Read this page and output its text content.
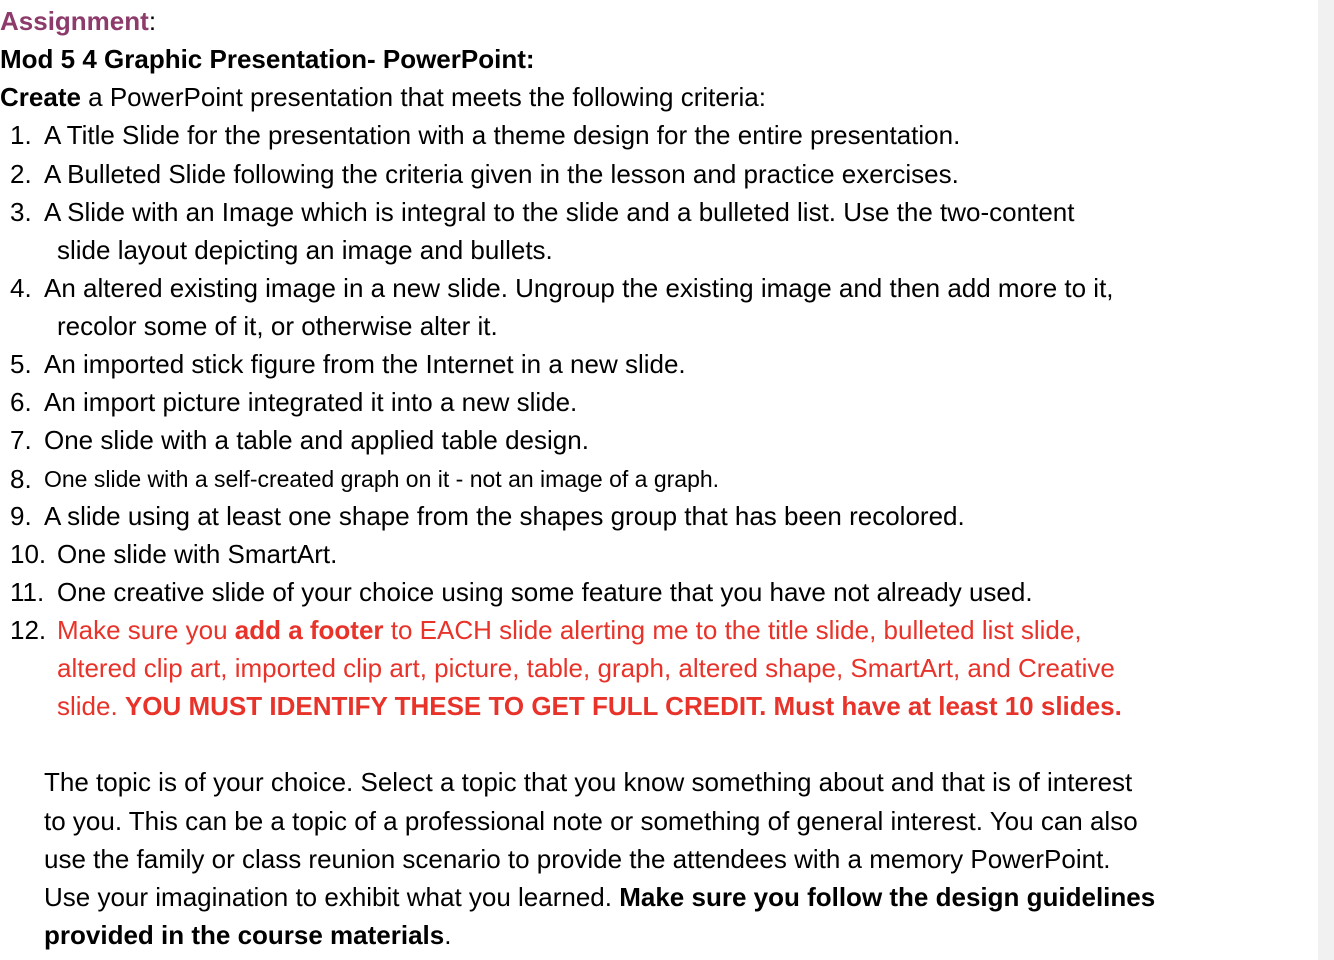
Assignment:
Mod 5 4 Graphic Presentation- PowerPoint:
Create a PowerPoint presentation that meets the following criteria:
1. A Title Slide for the presentation with a theme design for the entire presentation.
2. A Bulleted Slide following the criteria given in the lesson and practice exercises.
3. A Slide with an Image which is integral to the slide and a bulleted list. Use the two-content
slide layout depicting an image and bullets.
4. An altered existing image in a new slide. Ungroup the existing image and then add more to it,
recolor some of it, or otherwise alter it.
5. An imported stick figure from the Internet in a new slide.
6. An import picture integrated it into a new slide.
7. One slide with a table and applied table design.
8. One slide with a self-created graph on it - not an image of a graph.
9. A slide using at least one shape from the shapes group that has been recolored.
10. One slide with SmartArt.
11. One creative slide of your choice using some feature that you have not already used.
12. Make sure you add a footer to EACH slide alerting me to the title slide, bulleted list slide,
altered clip art, imported clip art, picture, table, graph, altered shape, SmartArt, and Creative
slide. YOU MUST IDENTIFY THESE TO GET FULL CREDIT. Must have at least 10 slides.
The topic is of your choice. Select a topic that you know something about and that is of interest
to you. This can be a topic of a professional note or something of general interest. You can also
use the family or class reunion scenario to provide the attendees with a memory PowerPoint.
Use your imagination to exhibit what you learned. Make sure you follow the design guidelines
provided in the course materials.
